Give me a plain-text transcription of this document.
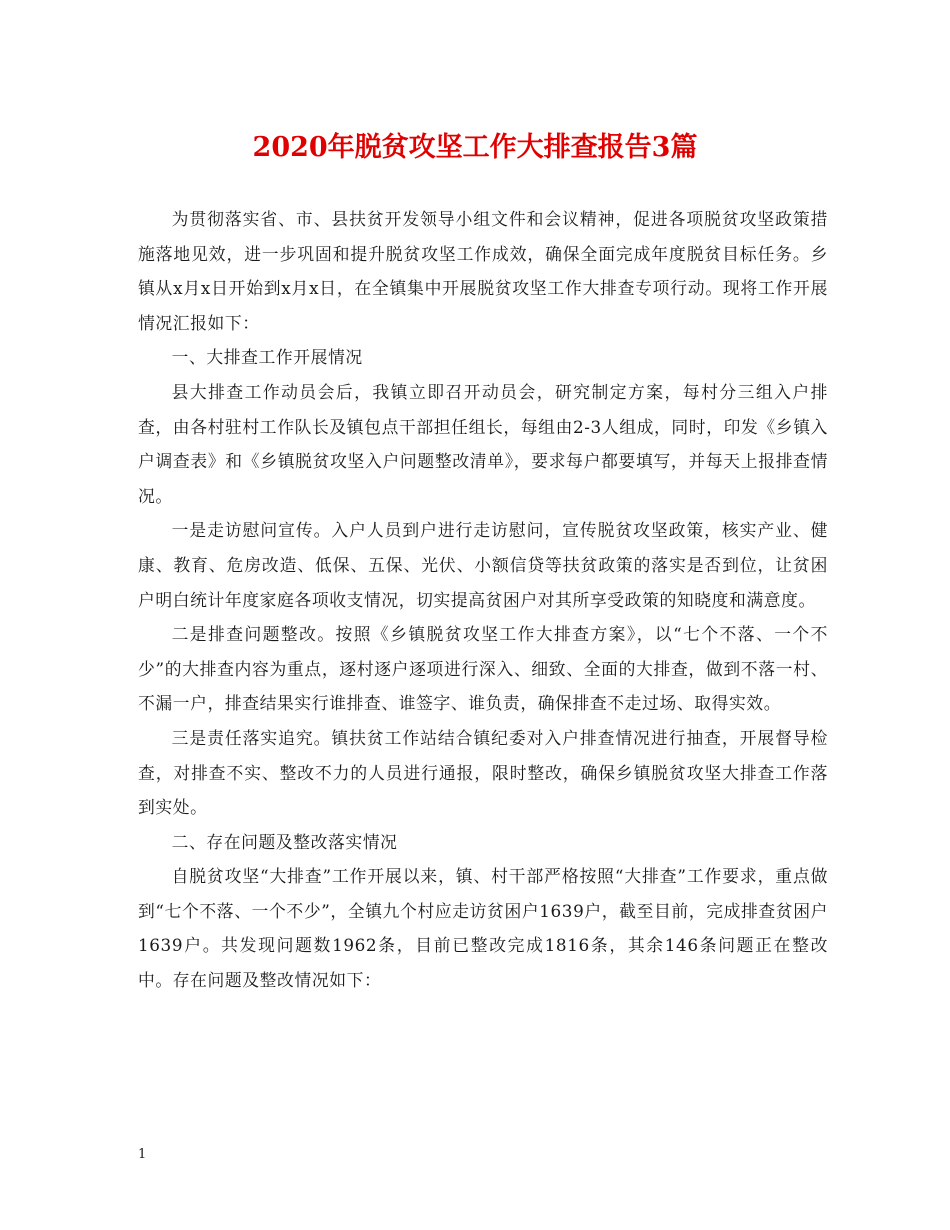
2020年脱贫攻坚工作大排查报告3篇

为贯彻落实省、市、县扶贫开发领导小组文件和会议精神，促进各项脱贫攻坚政策措施落地见效，进一步巩固和提升脱贫攻坚工作成效，确保全面完成年度脱贫目标任务。乡镇从x月x日开始到x月x日，在全镇集中开展脱贫攻坚工作大排查专项行动。现将工作开展情况汇报如下：

一、大排查工作开展情况

县大排查工作动员会后，我镇立即召开动员会，研究制定方案，每村分三组入户排查，由各村驻村工作队长及镇包点干部担任组长，每组由2-3人组成，同时，印发《乡镇入户调查表》和《乡镇脱贫攻坚入户问题整改清单》，要求每户都要填写，并每天上报排查情况。

一是走访慰问宣传。入户人员到户进行走访慰问，宣传脱贫攻坚政策，核实产业、健康、教育、危房改造、低保、五保、光伏、小额信贷等扶贫政策的落实是否到位，让贫困户明白统计年度家庭各项收支情况，切实提高贫困户对其所享受政策的知晓度和满意度。

二是排查问题整改。按照《乡镇脱贫攻坚工作大排查方案》，以“七个不落、一个不少”的大排查内容为重点，逐村逐户逐项进行深入、细致、全面的大排查，做到不落一村、不漏一户，排查结果实行谁排查、谁签字、谁负责，确保排查不走过场、取得实效。

三是责任落实追究。镇扶贫工作站结合镇纪委对入户排查情况进行抽查，开展督导检查，对排查不实、整改不力的人员进行通报，限时整改，确保乡镇脱贫攻坚大排查工作落到实处。

二、存在问题及整改落实情况

自脱贫攻坚“大排查”工作开展以来，镇、村干部严格按照“大排查”工作要求，重点做到“七个不落、一个不少”，全镇九个村应走访贫困户1639户，截至目前，完成排查贫困户1639户。共发现问题数1962条，目前已整改完成1816条，其余146条问题正在整改中。存在问题及整改情况如下：

1
